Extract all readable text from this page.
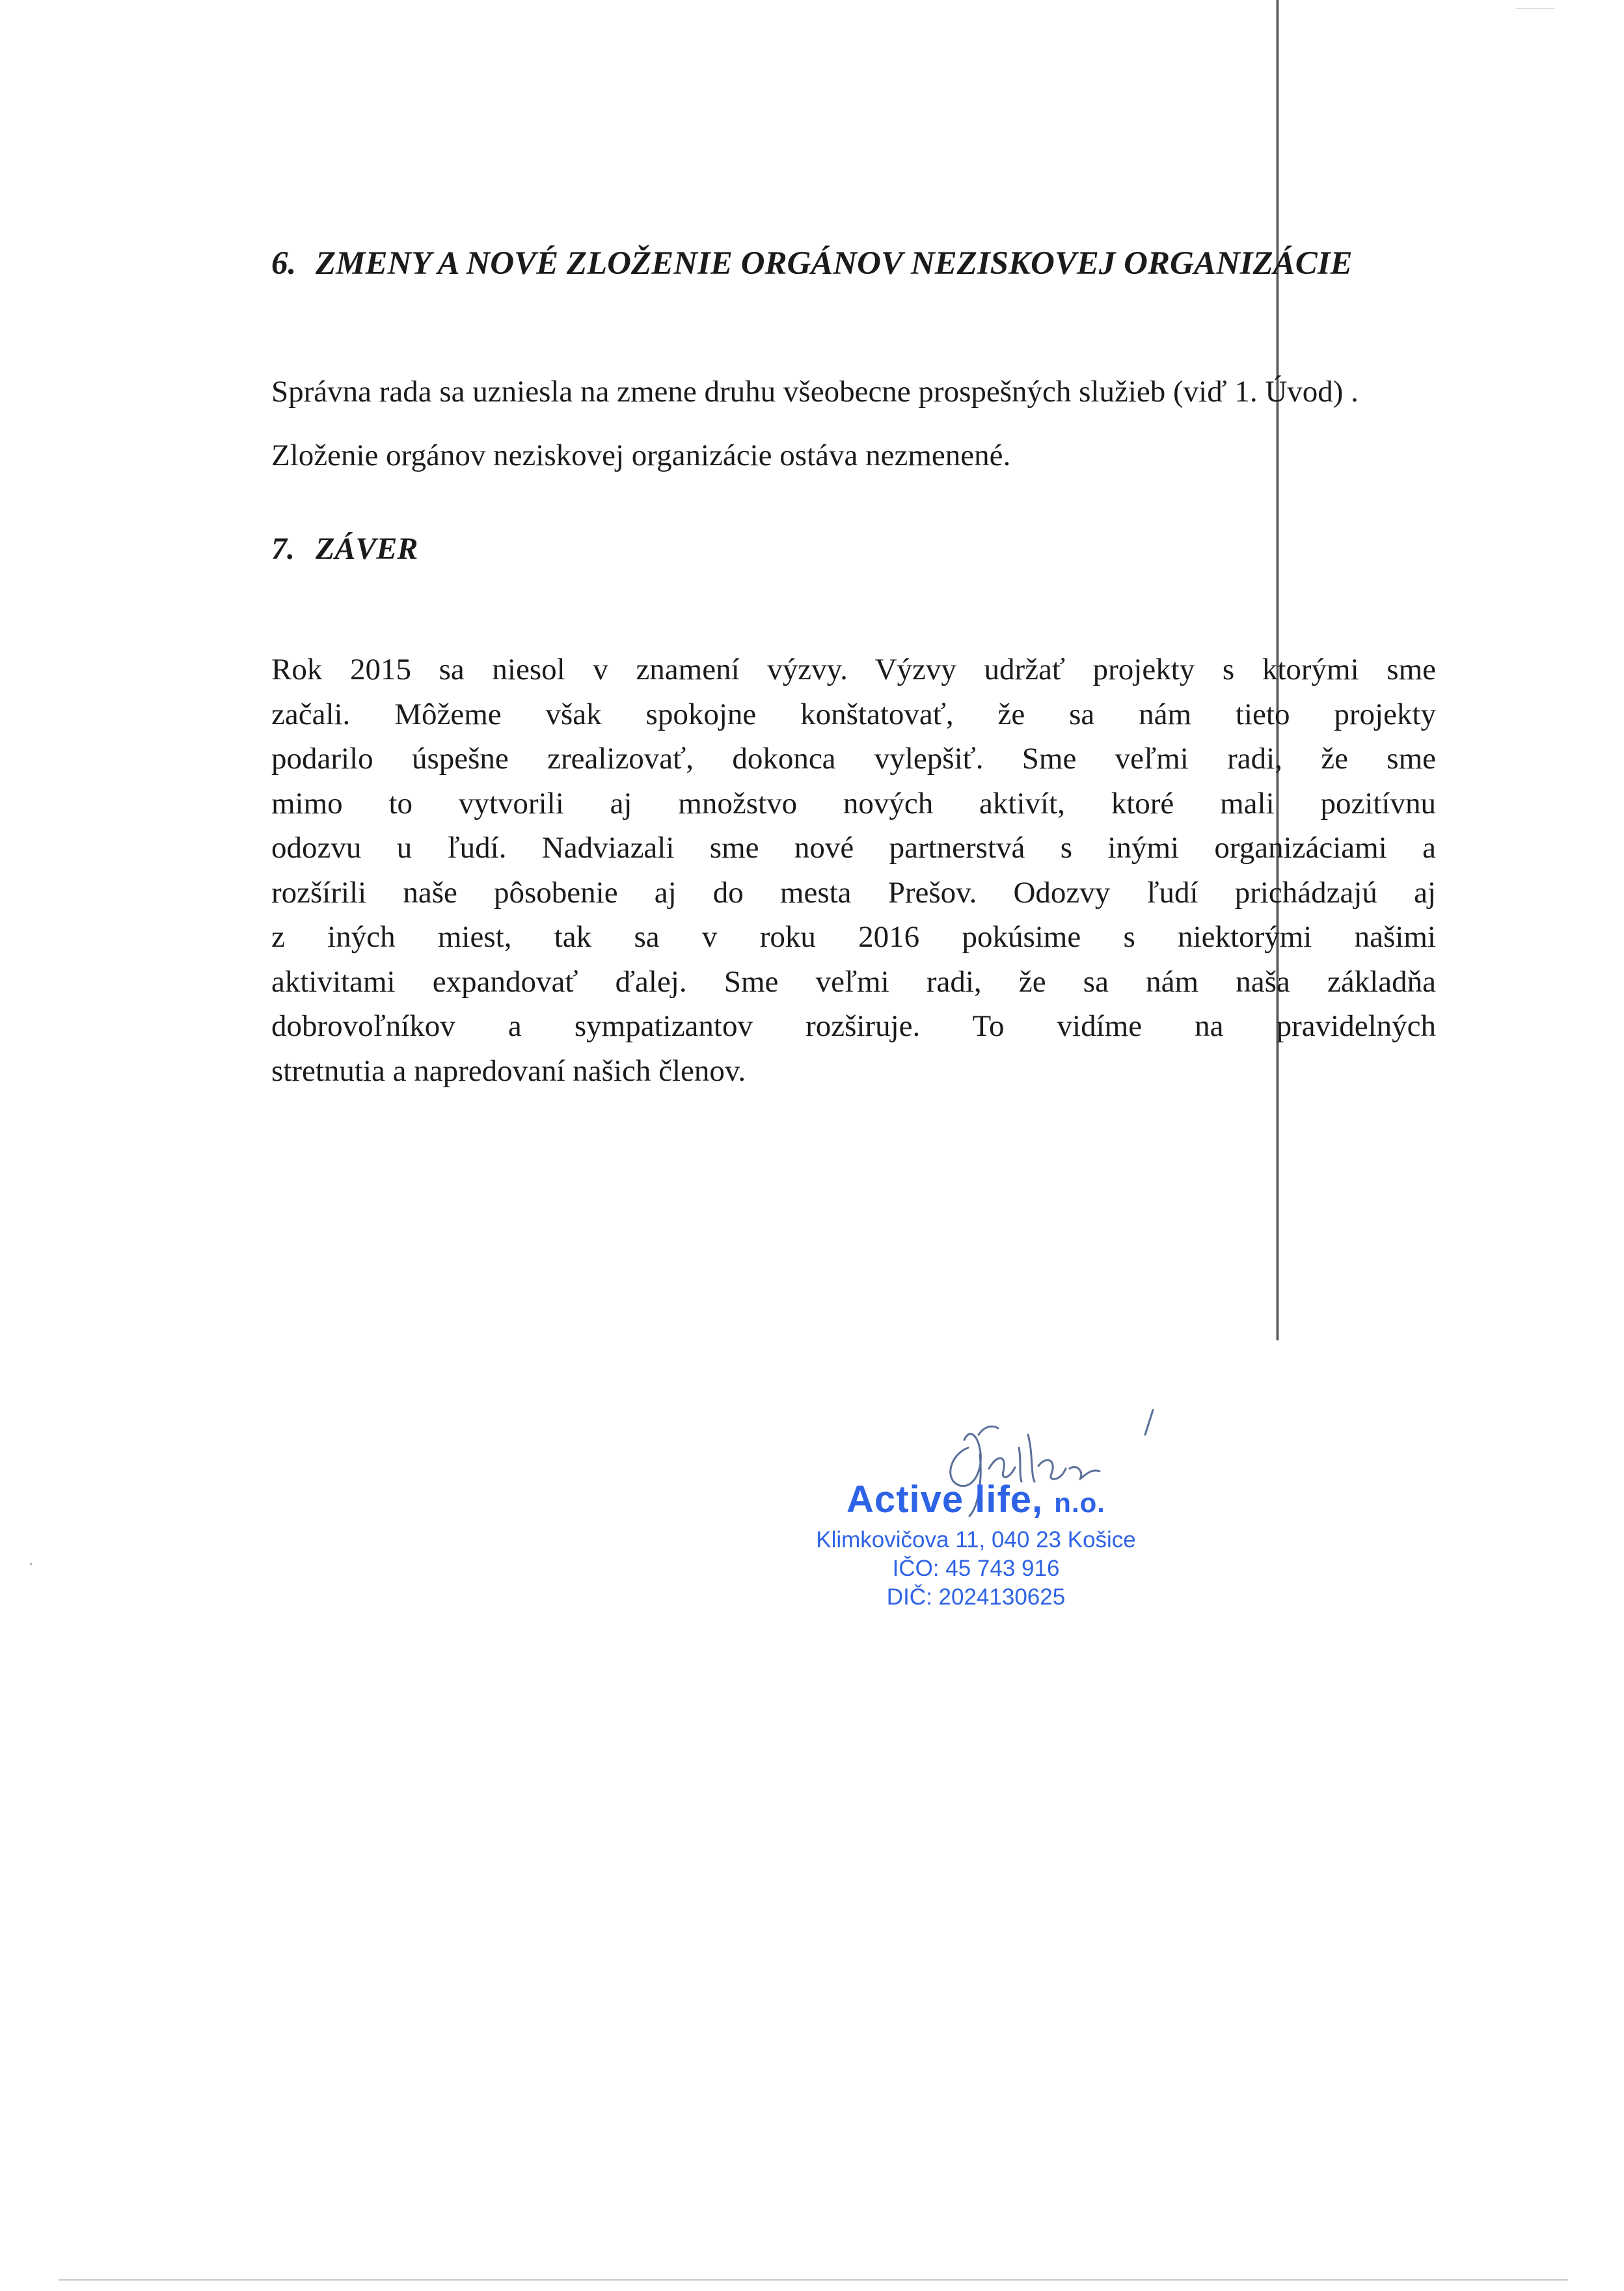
6. ZMENY A NOVÉ ZLOŽENIE ORGÁNOV NEZISKOVEJ ORGANIZÁCIE
Správna rada sa uzniesla na zmene druhu všeobecne prospešných služieb (viď 1. Úvod) .
Zloženie orgánov neziskovej organizácie ostáva nezmenené.
7. ZÁVER
Rok 2015 sa niesol v znamení výzvy. Výzvy udržať projekty s ktorými sme
začali. Môžeme však spokojne konštatovať, že sa nám tieto projekty
podarilo úspešne zrealizovať, dokonca vylepšiť. Sme veľmi radi, že sme
mimo to vytvorili aj množstvo nových aktivít, ktoré mali pozitívnu
odozvu u ľudí. Nadviazali sme nové partnerstvá s inými organizáciami a
rozšírili naše pôsobenie aj do mesta Prešov. Odozvy ľudí prichádzajú aj
z iných miest, tak sa v roku 2016 pokúsime s niektorými našimi
aktivitami expandovať ďalej. Sme veľmi radi, že sa nám naša základňa
dobrovoľníkov a sympatizantov rozširuje. To vidíme na pravidelných
stretnutia a napredovaní našich členov.
Active life, n.o.
Klimkovičova 11, 040 23 Košice
IČO: 45 743 916
DIČ: 2024130625
